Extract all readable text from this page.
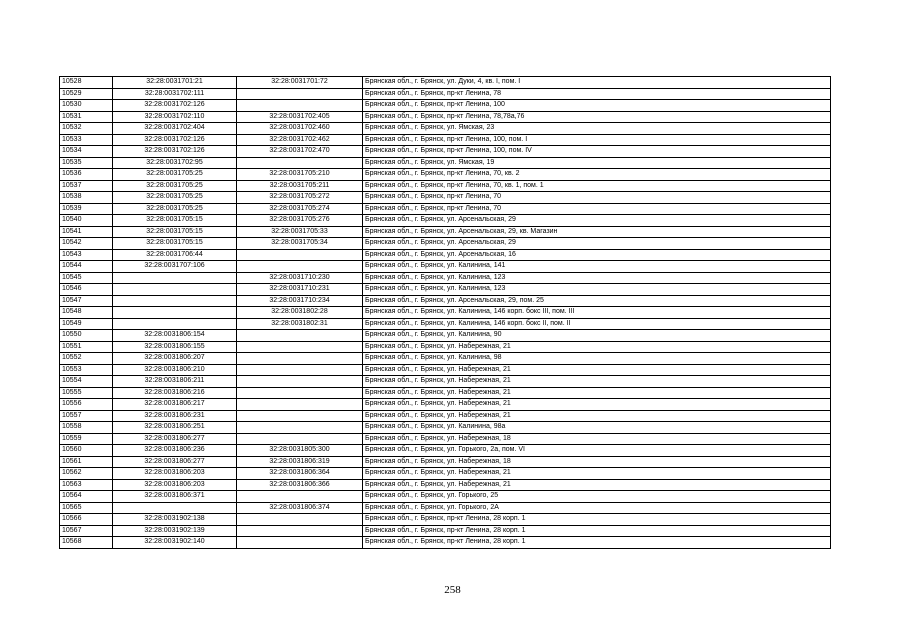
10528	32:28:0031701:21	32:28:0031701:72	Брянская обл., г. Брянск, ул. Дуки, 4, кв. I, пом. I
10529	32:28:0031702:111		Брянская обл., г. Брянск, пр-кт Ленина, 78
10530	32:28:0031702:126		Брянская обл., г. Брянск, пр-кт Ленина, 100
10531	32:28:0031702:110	32:28:0031702:405	Брянская обл., г. Брянск, пр-кт Ленина, 78,78а,76
10532	32:28:0031702:404	32:28:0031702:460	Брянская обл., г. Брянск, ул. Ямская, 23
10533	32:28:0031702:126	32:28:0031702:462	Брянская обл., г. Брянск, пр-кт Ленина, 100, пом. I
10534	32:28:0031702:126	32:28:0031702:470	Брянская обл., г. Брянск, пр-кт Ленина, 100, пом. IV
10535	32:28:0031702:95		Брянская обл., г. Брянск, ул. Ямская, 19
10536	32:28:0031705:25	32:28:0031705:210	Брянская обл., г. Брянск, пр-кт Ленина, 70, кв. 2
10537	32:28:0031705:25	32:28:0031705:211	Брянская обл., г. Брянск, пр-кт Ленина, 70, кв. 1, пом. 1
10538	32:28:0031705:25	32:28:0031705:272	Брянская обл., г. Брянск, пр-кт Ленина, 70
10539	32:28:0031705:25	32:28:0031705:274	Брянская обл., г. Брянск, пр-кт Ленина, 70
10540	32:28:0031705:15	32:28:0031705:276	Брянская обл., г. Брянск, ул. Арсенальская, 29
10541	32:28:0031705:15	32:28:0031705:33	Брянская обл., г. Брянск, ул. Арсенальская, 29, кв. Магазин
10542	32:28:0031705:15	32:28:0031705:34	Брянская обл., г. Брянск, ул. Арсенальская, 29
10543	32:28:0031706:44		Брянская обл., г. Брянск, ул. Арсенальская, 16
10544	32:28:0031707:106		Брянская обл., г. Брянск, ул. Калинина, 141
10545		32:28:0031710:230	Брянская обл., г. Брянск, ул. Калинина, 123
10546		32:28:0031710:231	Брянская обл., г. Брянск, ул. Калинина, 123
10547		32:28:0031710:234	Брянская обл., г. Брянск, ул. Арсенальская, 29, пом. 25
10548		32:28:0031802:28	Брянская обл., г. Брянск, ул. Калинина, 146 корп. бокс III, пом. III
10549		32:28:0031802:31	Брянская обл., г. Брянск, ул. Калинина, 146 корп. бокс II, пом. II
10550	32:28:0031806:154		Брянская обл., г. Брянск, ул. Калинина, 90
10551	32:28:0031806:155		Брянская обл., г. Брянск, ул. Набережная, 21
10552	32:28:0031806:207		Брянская обл., г. Брянск, ул. Калинина, 98
10553	32:28:0031806:210		Брянская обл., г. Брянск, ул. Набережная, 21
10554	32:28:0031806:211		Брянская обл., г. Брянск, ул. Набережная, 21
10555	32:28:0031806:216		Брянская обл., г. Брянск, ул. Набережная, 21
10556	32:28:0031806:217		Брянская обл., г. Брянск, ул. Набережная, 21
10557	32:28:0031806:231		Брянская обл., г. Брянск, ул. Набережная, 21
10558	32:28:0031806:251		Брянская обл., г. Брянск, ул. Калинина, 98а
10559	32:28:0031806:277		Брянская обл., г. Брянск, ул. Набережная, 18
10560	32:28:0031806:236	32:28:0031805:300	Брянская обл., г. Брянск, ул. Горького, 2а, пом. VI
10561	32:28:0031806:277	32:28:0031806:319	Брянская обл., г. Брянск, ул. Набережная, 18
10562	32:28:0031806:203	32:28:0031806:364	Брянская обл., г. Брянск, ул. Набережная, 21
10563	32:28:0031806:203	32:28:0031806:366	Брянская обл., г. Брянск, ул. Набережная, 21
10564	32:28:0031806:371		Брянская обл., г. Брянск, ул. Горького, 25
10565		32:28:0031806:374	Брянская обл., г. Брянск, ул. Горького, 2А
10566	32:28:0031902:138		Брянская обл., г. Брянск, пр-кт Ленина, 28 корп. 1
10567	32:28:0031902:139		Брянская обл., г. Брянск, пр-кт Ленина, 28 корп. 1
10568	32:28:0031902:140		Брянская обл., г. Брянск, пр-кт Ленина, 28 корп. 1
258
